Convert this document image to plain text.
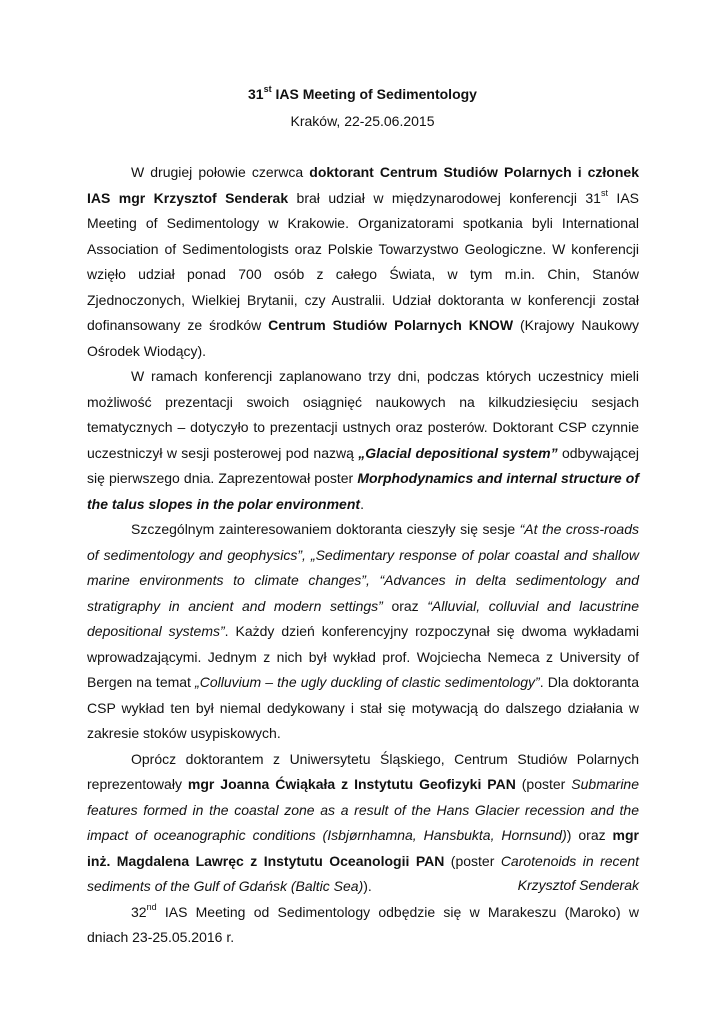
31st IAS Meeting of Sedimentology
Kraków, 22-25.06.2015

W drugiej połowie czerwca doktorant Centrum Studiów Polarnych i członek IAS mgr Krzysztof Senderak brał udział w międzynarodowej konferencji 31st IAS Meeting of Sedimentology w Krakowie. Organizatorami spotkania byli International Association of Sedimentologists oraz Polskie Towarzystwo Geologiczne. W konferencji wzięło udział ponad 700 osób z całego Świata, w tym m.in. Chin, Stanów Zjednoczonych, Wielkiej Brytanii, czy Australii. Udział doktoranta w konferencji został dofinansowany ze środków Centrum Studiów Polarnych KNOW (Krajowy Naukowy Ośrodek Wiodący).

W ramach konferencji zaplanowano trzy dni, podczas których uczestnicy mieli możliwość prezentacji swoich osiągnięć naukowych na kilkudziesięciu sesjach tematycznych – dotyczyło to prezentacji ustnych oraz posterów. Doktorant CSP czynnie uczestniczył w sesji posterowej pod nazwą „Glacial depositional system” odbywającej się pierwszego dnia. Zaprezentował poster Morphodynamics and internal structure of the talus slopes in the polar environment.

Szczególnym zainteresowaniem doktoranta cieszyły się sesje “At the cross-roads of sedimentology and geophysics”, „Sedimentary response of polar coastal and shallow marine environments to climate changes”, “Advances in delta sedimentology and stratigraphy in ancient and modern settings” oraz “Alluvial, colluvial and lacustrine depositional systems”. Każdy dzień konferencyjny rozpoczynał się dwoma wykładami wprowadzającymi. Jednym z nich był wykład prof. Wojciecha Nemeca z University of Bergen na temat „Colluvium – the ugly duckling of clastic sedimentology”. Dla doktoranta CSP wykład ten był niemal dedykowany i stał się motywacją do dalszego działania w zakresie stoków usypiskowych.

Oprócz doktorantem z Uniwersytetu Śląskiego, Centrum Studiów Polarnych reprezentowały mgr Joanna Ćwiąkała z Instytutu Geofizyki PAN (poster Submarine features formed in the coastal zone as a result of the Hans Glacier recession and the impact of oceanographic conditions (Isbjørnhamna, Hansbukta, Hornsund)) oraz mgr inż. Magdalena Lawręc z Instytutu Oceanologii PAN (poster Carotenoids in recent sediments of the Gulf of Gdańsk (Baltic Sea)).

32nd IAS Meeting od Sedimentology odbędzie się w Marakeszu (Maroko) w dniach 23-25.05.2016 r.

Krzysztof Senderak
